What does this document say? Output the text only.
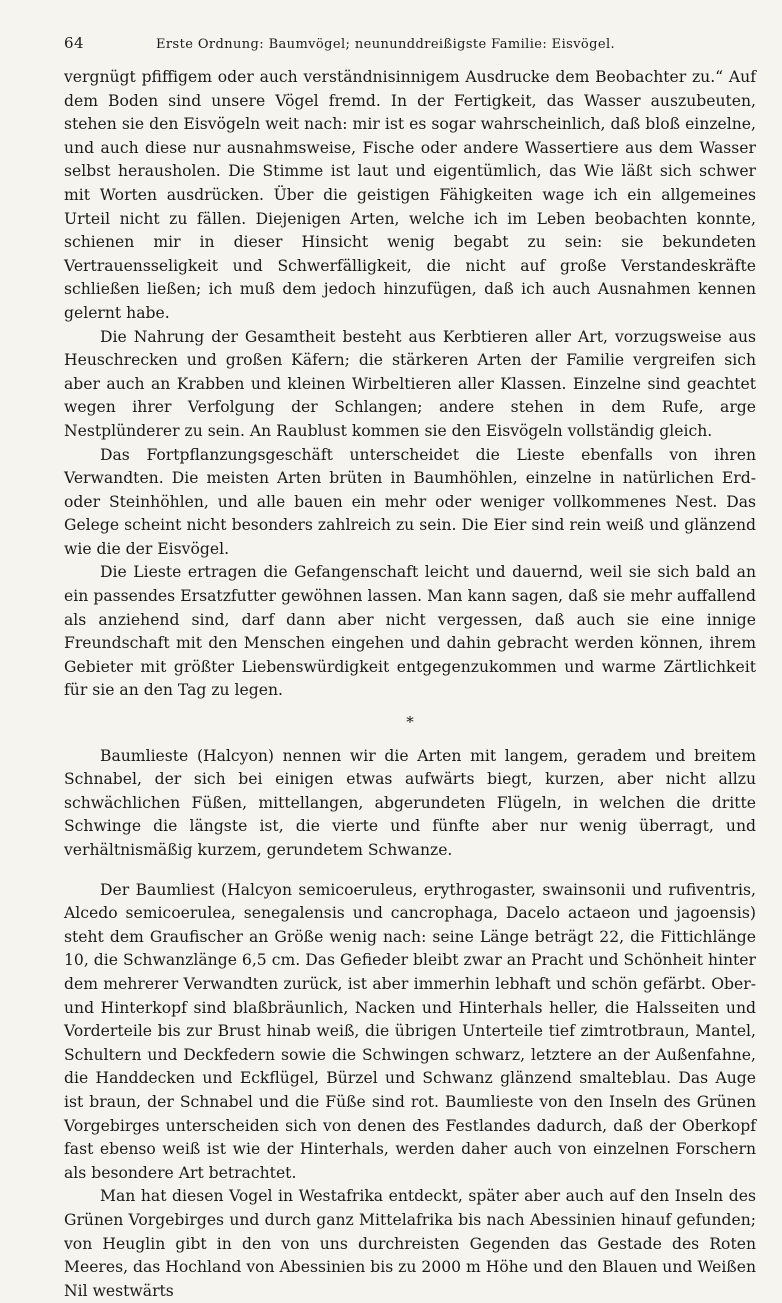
64	Erste Ordnung: Baumvögel; neununddreißigste Familie: Eisvögel.

vergnügt pfiffigem oder auch verständnisinnigem Ausdrucke dem Beobachter zu.“ Auf dem Boden sind unsere Vögel fremd. In der Fertigkeit, das Wasser auszubeuten, stehen sie den Eisvögeln weit nach: mir ist es sogar wahrscheinlich, daß bloß einzelne, und auch diese nur ausnahmsweise, Fische oder andere Wassertiere aus dem Wasser selbst herausholen. Die Stimme ist laut und eigentümlich, das Wie läßt sich schwer mit Worten ausdrücken. Über die geistigen Fähigkeiten wage ich ein allgemeines Urteil nicht zu fällen. Diejenigen Arten, welche ich im Leben beobachten konnte, schienen mir in dieser Hinsicht wenig begabt zu sein: sie bekundeten Vertrauensseligkeit und Schwerfälligkeit, die nicht auf große Verstandeskräfte schließen ließen; ich muß dem jedoch hinzufügen, daß ich auch Ausnahmen kennen gelernt habe.

Die Nahrung der Gesamtheit besteht aus Kerbtieren aller Art, vorzugsweise aus Heuschrecken und großen Käfern; die stärkeren Arten der Familie vergreifen sich aber auch an Krabben und kleinen Wirbeltieren aller Klassen. Einzelne sind geachtet wegen ihrer Verfolgung der Schlangen; andere stehen in dem Rufe, arge Nestplünderer zu sein. An Raublust kommen sie den Eisvögeln vollständig gleich.

Das Fortpflanzungsgeschäft unterscheidet die Lieste ebenfalls von ihren Verwandten. Die meisten Arten brüten in Baumhöhlen, einzelne in natürlichen Erd- oder Steinhöhlen, und alle bauen ein mehr oder weniger vollkommenes Nest. Das Gelege scheint nicht besonders zahlreich zu sein. Die Eier sind rein weiß und glänzend wie die der Eisvögel.

Die Lieste ertragen die Gefangenschaft leicht und dauernd, weil sie sich bald an ein passendes Ersatzfutter gewöhnen lassen. Man kann sagen, daß sie mehr auffallend als anziehend sind, darf dann aber nicht vergessen, daß auch sie eine innige Freundschaft mit den Menschen eingehen und dahin gebracht werden können, ihrem Gebieter mit größter Liebenswürdigkeit entgegenzukommen und warme Zärtlichkeit für sie an den Tag zu legen.

*

Baumlieste (Halcyon) nennen wir die Arten mit langem, geradem und breitem Schnabel, der sich bei einigen etwas aufwärts biegt, kurzen, aber nicht allzu schwächlichen Füßen, mittellangen, abgerundeten Flügeln, in welchen die dritte Schwinge die längste ist, die vierte und fünfte aber nur wenig überragt, und verhältnismäßig kurzem, gerundetem Schwanze.

Der Baumliest (Halcyon semicoeruleus, erythrogaster, swainsonii und rufiventris, Alcedo semicoerulea, senegalensis und cancrophaga, Dacelo actaeon und jagoensis) steht dem Graufischer an Größe wenig nach: seine Länge beträgt 22, die Fittichlänge 10, die Schwanzlänge 6,5 cm. Das Gefieder bleibt zwar an Pracht und Schönheit hinter dem mehrerer Verwandten zurück, ist aber immerhin lebhaft und schön gefärbt. Ober- und Hinterkopf sind blaßbräunlich, Nacken und Hinterhals heller, die Halsseiten und Vorderteile bis zur Brust hinab weiß, die übrigen Unterteile tief zimtrotbraun, Mantel, Schultern und Deckfedern sowie die Schwingen schwarz, letztere an der Außenfahne, die Handdecken und Eckflügel, Bürzel und Schwanz glänzend smalteblau. Das Auge ist braun, der Schnabel und die Füße sind rot. Baumlieste von den Inseln des Grünen Vorgebirges unterscheiden sich von denen des Festlandes dadurch, daß der Oberkopf fast ebenso weiß ist wie der Hinterhals, werden daher auch von einzelnen Forschern als besondere Art betrachtet.

Man hat diesen Vogel in Westafrika entdeckt, später aber auch auf den Inseln des Grünen Vorgebirges und durch ganz Mittelafrika bis nach Abessinien hinauf gefunden; von Heuglin gibt in den von uns durchreisten Gegenden das Gestade des Roten Meeres, das Hochland von Abessinien bis zu 2000 m Höhe und den Blauen und Weißen Nil westwärts
